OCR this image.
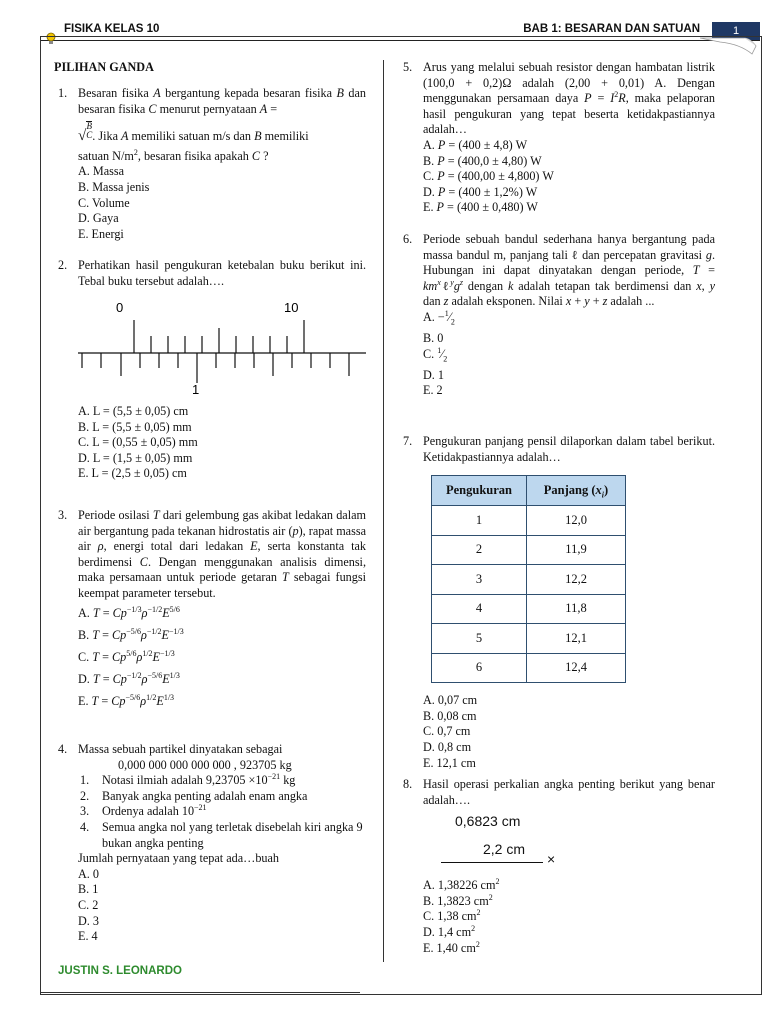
FISIKA KELAS 10	BAB 1: BESARAN DAN SATUAN	1
PILIHAN GANDA
1. Besaran fisika A bergantung kepada besaran fisika B dan besaran fisika C menurut pernyataan A =

√B
C. Jika A memiliki satuan m/s dan B memiliki

satuan $N/m^2$, besaran fisika apakah C ?

A. Massa
B. Massa jenis
C. Volume
D. Gaya
E. Energi
2. Perhatikan hasil pengukuran ketebalan buku berikut ini. Tebal buku tersebut adalah….
0	10
1
A. L = (5,5 ± 0,05) cm
B. L = (5,5 ± 0,05) mm
C. L = (0,55 ± 0,05) mm
D. L = (1,5 ± 0,05) mm
E. L = (2,5 ± 0,05) cm
3. Periode osilasi T dari gelembung gas akibat ledakan dalam air bergantung pada tekanan hidrostatis air (p), rapat massa air ρ, energi total dari ledakan E, serta konstanta tak berdimensi C. Dengan menggunakan analisis dimensi, maka persamaan untuk periode getaran T sebagai fungsi keempat parameter tersebut.
A. $T = Cp^{-1/3}\rho^{-1/2}E^{5/6}$
B. $T = Cp^{-5/6}\rho^{-1/2}E^{-1/3}$
C. $T = Cp^{5/6}\rho^{1/2}E^{-1/3}$
D. $T = Cp^{-1/2}\rho^{-5/6}E^{1/3}$
E. $T = Cp^{-5/6}\rho^{1/2}E^{1/3}$
4. Massa sebuah partikel dinyatakan sebagai
0,000 000 000 000 000 , 923705 kg
1. Notasi ilmiah adalah $9,23705 \times 10^{-21}$ kg
2. Banyak angka penting adalah enam angka
3. Ordenya adalah $10^{-21}$
4. Semua angka nol yang terletak disebelah kiri angka 9 bukan angka penting
Jumlah pernyataan yang tepat ada…buah
A. 0
B. 1
C. 2
D. 3
E. 4
5. Arus yang melalui sebuah resistor dengan hambatan listrik (100,0 + 0,2)Ω adalah (2,00 + 0,01) A. Dengan menggunakan persamaan daya $P = I^2R$, maka pelaporan hasil pengukuran yang tepat beserta ketidakpastiannya adalah…
A. P = (400 ± 4,8) W
B. P = (400,0 ± 4,80) W
C. P = (400,00 ± 4,800) W
D. P = (400 ± 1,2%) W
E. P = (400 ± 0,480) W
6. Periode sebuah bandul sederhana hanya bergantung pada massa bandul m, panjang tali ℓ dan percepatan gravitasi g. Hubungan ini dapat dinyatakan dengan periode, $T = km^x\ell^yg^z$ dengan k adalah tetapan tak berdimensi dan x, y dan z adalah eksponen. Nilai x + y + z adalah ...
A. $-^1⁄_2$
B. 0
C. $^1⁄_2$
D. 1
E. 2
7. Pengukuran panjang pensil dilaporkan dalam tabel berikut. Ketidakpastiannya adalah…
Pengukuran	Panjang $(x_i)$
1	12,0
2	11,9
3	12,2
4	11,8
5	12,1
6	12,4
A. 0,07 cm
B. 0,08 cm
C. 0,7 cm
D. 0,8 cm
E. 12,1 cm
8. Hasil operasi perkalian angka penting berikut yang benar adalah….
0,6823 cm
2,2 cm
×
A. 1,38226 $cm^2$
B. 1,3823 $cm^2$
C. 1,38 $cm^2$
D. 1,4 $cm^2$
E. 1,40 $cm^2$
JUSTIN S. LEONARDO
